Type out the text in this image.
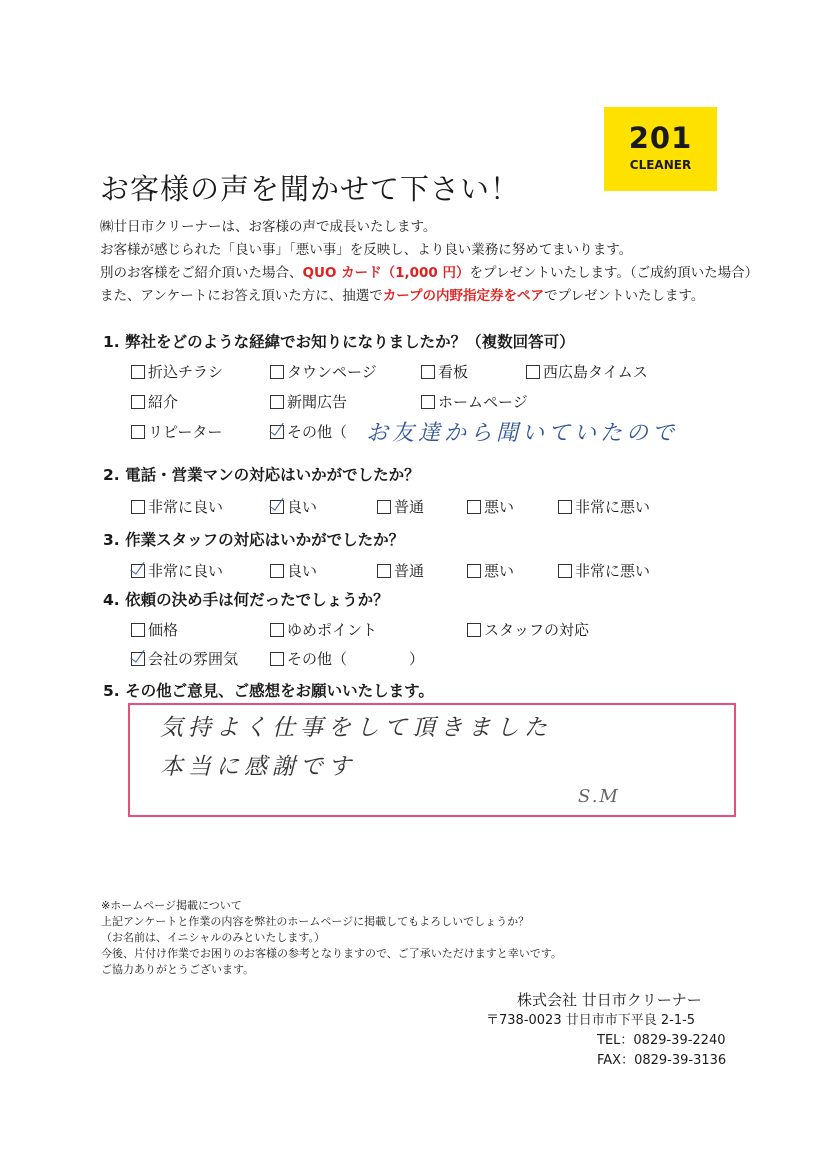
201
CLEANER
お客様の声を聞かせて下さい！
㈱廿日市クリーナーは、お客様の声で成長いたします。
お客様が感じられた「良い事」「悪い事」を反映し、より良い業務に努めてまいります。
別のお客様をご紹介頂いた場合、QUO カード（1,000 円）をプレゼントいたします。（ご成約頂いた場合）
また、アンケートにお答え頂いた方に、抽選でカープの内野指定券をペアでプレゼントいたします。
1. 弊社をどのような経緯でお知りになりましたか？（複数回答可）
折込チラシ	タウンページ	看板	西広島タイムス
紹介	新聞広告	ホームページ
リピーター	その他（ お友達から聞いていたので
2. 電話・営業マンの対応はいかがでしたか？
非常に良い	良い	普通	悪い	非常に悪い
3. 作業スタッフの対応はいかがでしたか？
非常に良い	良い	普通	悪い	非常に悪い
4. 依頼の決め手は何だったでしょうか？
価格	ゆめポイント	スタッフの対応
会社の雰囲気	その他（	）
5. その他ご意見、ご感想をお願いいたします。
気持よく仕事をして頂きました
本当に感謝です
S.M
※ホームページ掲載について
上記アンケートと作業の内容を弊社のホームページに掲載してもよろしいでしょうか？
（お名前は、イニシャルのみといたします。）
今後、片付け作業でお困りのお客様の参考となりますので、ご了承いただけますと幸いです。
ご協力ありがとうございます。
株式会社 廿日市クリーナー
〒738-0023 廿日市市下平良 2-1-5
TEL：0829-39-2240
FAX：0829-39-3136
